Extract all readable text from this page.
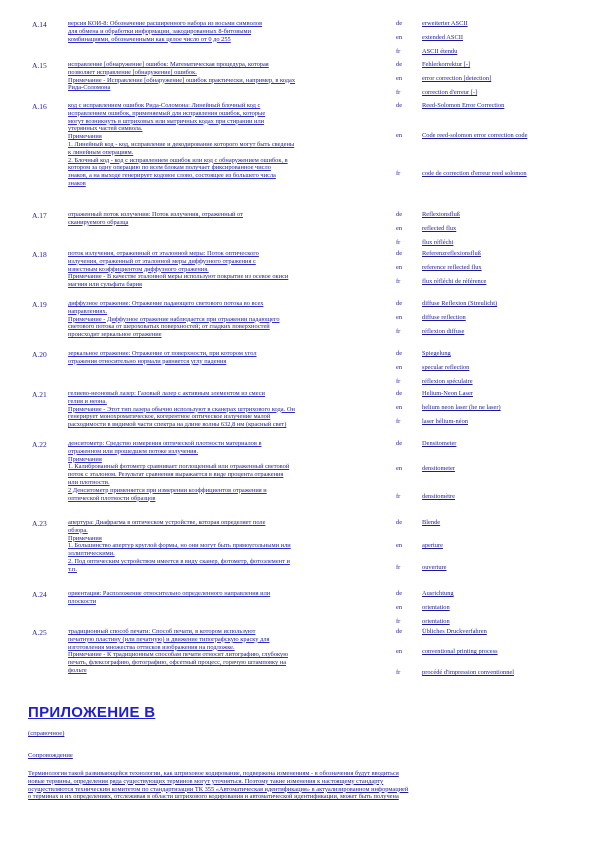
А.14	версия КОИ-8: Обозначение расширенного набора из восьми символов
для обмена и обработки информации, закодированных 8-битовыми
комбинациями, обозначенными как целое число от 0 до 255
de	erweiterter ASCII
en	extended ASCII
fr	ASCII étendu
А.15	исправление [обнаружение] ошибок: Математическая процедура, которая
позволяет исправление [обнаружение] ошибок.
Примечание - Исправление [обнаружение] ошибок практически, например, в кодах
Рида-Соломона
de	Fehlerkorrektur [-]
en	error correction [detection]
fr	correction d'erreur [-]
А.16	код с исправлением ошибок Рида-Соломона: Линейный блочный код с
исправлением ошибок, применяемый для исправления ошибок, которые
могут возникнуть в штриховых или матричных кодах при стирании или
утерянных частей символа.
Примечания
1. Линейный код - код, исправление и декодирование которого могут быть сведены
к линейным операциям.
2. Блочный код - код с исправлением ошибок или код с обнаружением ошибок, в
котором за одну операцию по всем блокам получает фиксированное число
знаков, а на выходе генерирует кодовое слово, состоящее из большего числа
знаков
de	Reed-Solomon Error Correction
en	Code reed-solomon error correction code
fr	code de correction d'erreur reed solomon
А.17	отраженный поток излучения: Поток излучения, отраженный от
сканируемого образца
de	Reflexionsfluß
en	reflected flux
fr	flux réfléchi
А.18	поток излучения, отраженный от эталонной меры: Поток оптического
излучения, отраженный от эталонной меры диффузного отражения с
известным коэффициентом диффузного отражения.
Примечание - В качестве эталонной меры используют покрытие из осевое окиси
магния или сульфата бария
de	Referenzreflexionsfluß
en	reference reflected flux
fr	flux réfléchi de référence
А.19	диффузное отражение: Отражение падающего светового потока во всех
направлениях.
Примечание - Диффузное отражение наблюдается при отражении падающего
светового потока от шероховатых поверхностей; от гладких поверхностей
происходит зеркальное отражение
de	diffuse Reflexion (Streulicht)
en	diffuse reflection
fr	réflexion diffuse
А.20	зеркальное отражение: Отражение от поверхности, при котором угол
отражения относительно нормали равняется углу падения
de	Spiegelung
en	specular reflection
fr	réflexion spéculaire
А.21	гелиево-неоновый лазер: Газовый лазер с активным элементом из смеси
гелия и неона.
Примечание - Этот тип лазера обычно используют в сканерах штрихового кода. Он
генерирует монохроматическое, когерентное оптическое излучение малой
расходимости в видимой части спектра на длине волны 632,8 нм (красный свет)
de	Helium-Neon Laser
en	helium neon laser (he ne laser)
fr	laser hélium-néon
А.22	денситометр: Средство измерения оптической плотности материалов в
отраженном или прошедшем потоке излучения.
Примечания
1. Калиброванный фотометр сравнивает поглощенный или отраженный световой
поток с эталоном. Результат сравнения выражается в виде процента отражения
или плотности.
2 Денситометр применяется при измерении коэффициентов отражения и
оптической плотности образцов
de	Densitometer
en	densitometer
fr	densitomètre
А.23	апертура: Диафрагма в оптическом устройстве, которая определяет поле
обзора.
Примечания
1. Большинство апертур круглой формы, но они могут быть прямоугольными или
эллиптическими.
2. Под оптическим устройством имеется в виду сканер, фотометр, фотоэлемент и
т.п.
de	Blende
en	aperture
fr	ouverture
А.24	ориентация: Расположение относительно определенного направления или
плоскости
de	Ausrichtung
en	orientation
fr	orientation
А.25	традиционный способ печати: Способ печати, в котором используют
печатную пластину (или печатную) и движение типографскую краску для
изготовления множества оттисков изображения на подложке.
Примечание - К традиционным способам печати относят литографию, глубокую
печать, флексографию, фотографию, офсетный процесс, горячую штамповку на
фольге
de	Übliches Druckverfahren
en	conventional printing process
fr	procédé d'impression conventionnel
ПРИЛОЖЕНИЕ В
(справочное)
Сопровождение
Терминология такой развивающейся технологии, как штриховое кодирование, подвержена изменениям - в обозначения будут вводиться
новые термины, определения ряда существующих терминов могут уточняться. Поэтому такие изменения к настоящему стандарту
осуществляются техническим комитетом по стандартизации ТК 355 «Автоматическая идентификация» в актуализированном информацией
о терминах и их определениях, отслеживая в области штрихового кодирования и автоматической идентификации, может быть получена
